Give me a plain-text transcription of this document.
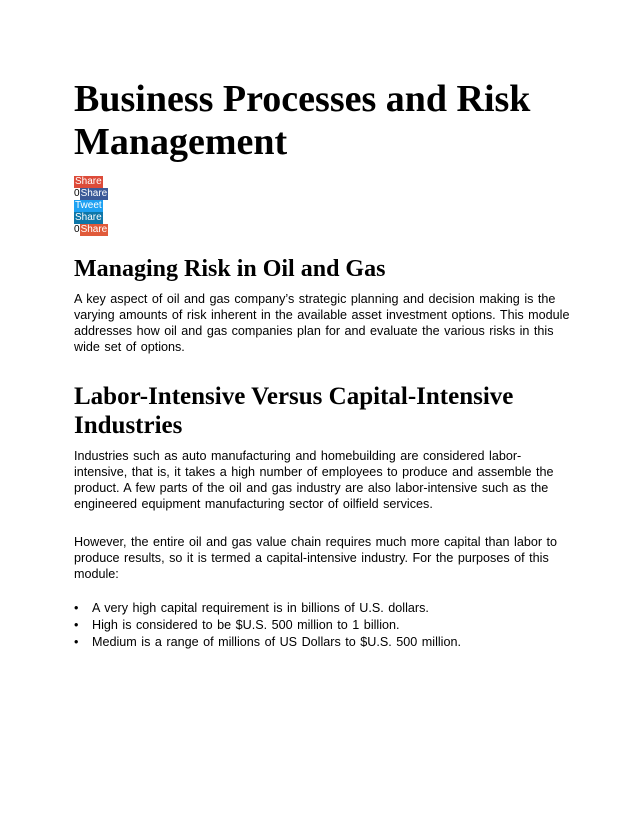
Business Processes and Risk Management
Share
0 Share
Tweet
Share
0 Share
Managing Risk in Oil and Gas

A key aspect of oil and gas company’s strategic planning and decision making is the varying amounts of risk inherent in the available asset investment options. This module addresses how oil and gas companies plan for and evaluate the various risks in this wide set of options.

Labor-Intensive Versus Capital-Intensive Industries

Industries such as auto manufacturing and homebuilding are considered labor-intensive, that is, it takes a high number of employees to produce and assemble the product. A few parts of the oil and gas industry are also labor-intensive such as the engineered equipment manufacturing sector of oilfield services.

However, the entire oil and gas value chain requires much more capital than labor to produce results, so it is termed a capital-intensive industry. For the purposes of this module:

• A very high capital requirement is in billions of U.S. dollars.
• High is considered to be $U.S. 500 million to 1 billion.
• Medium is a range of millions of US Dollars to $U.S. 500 million.
